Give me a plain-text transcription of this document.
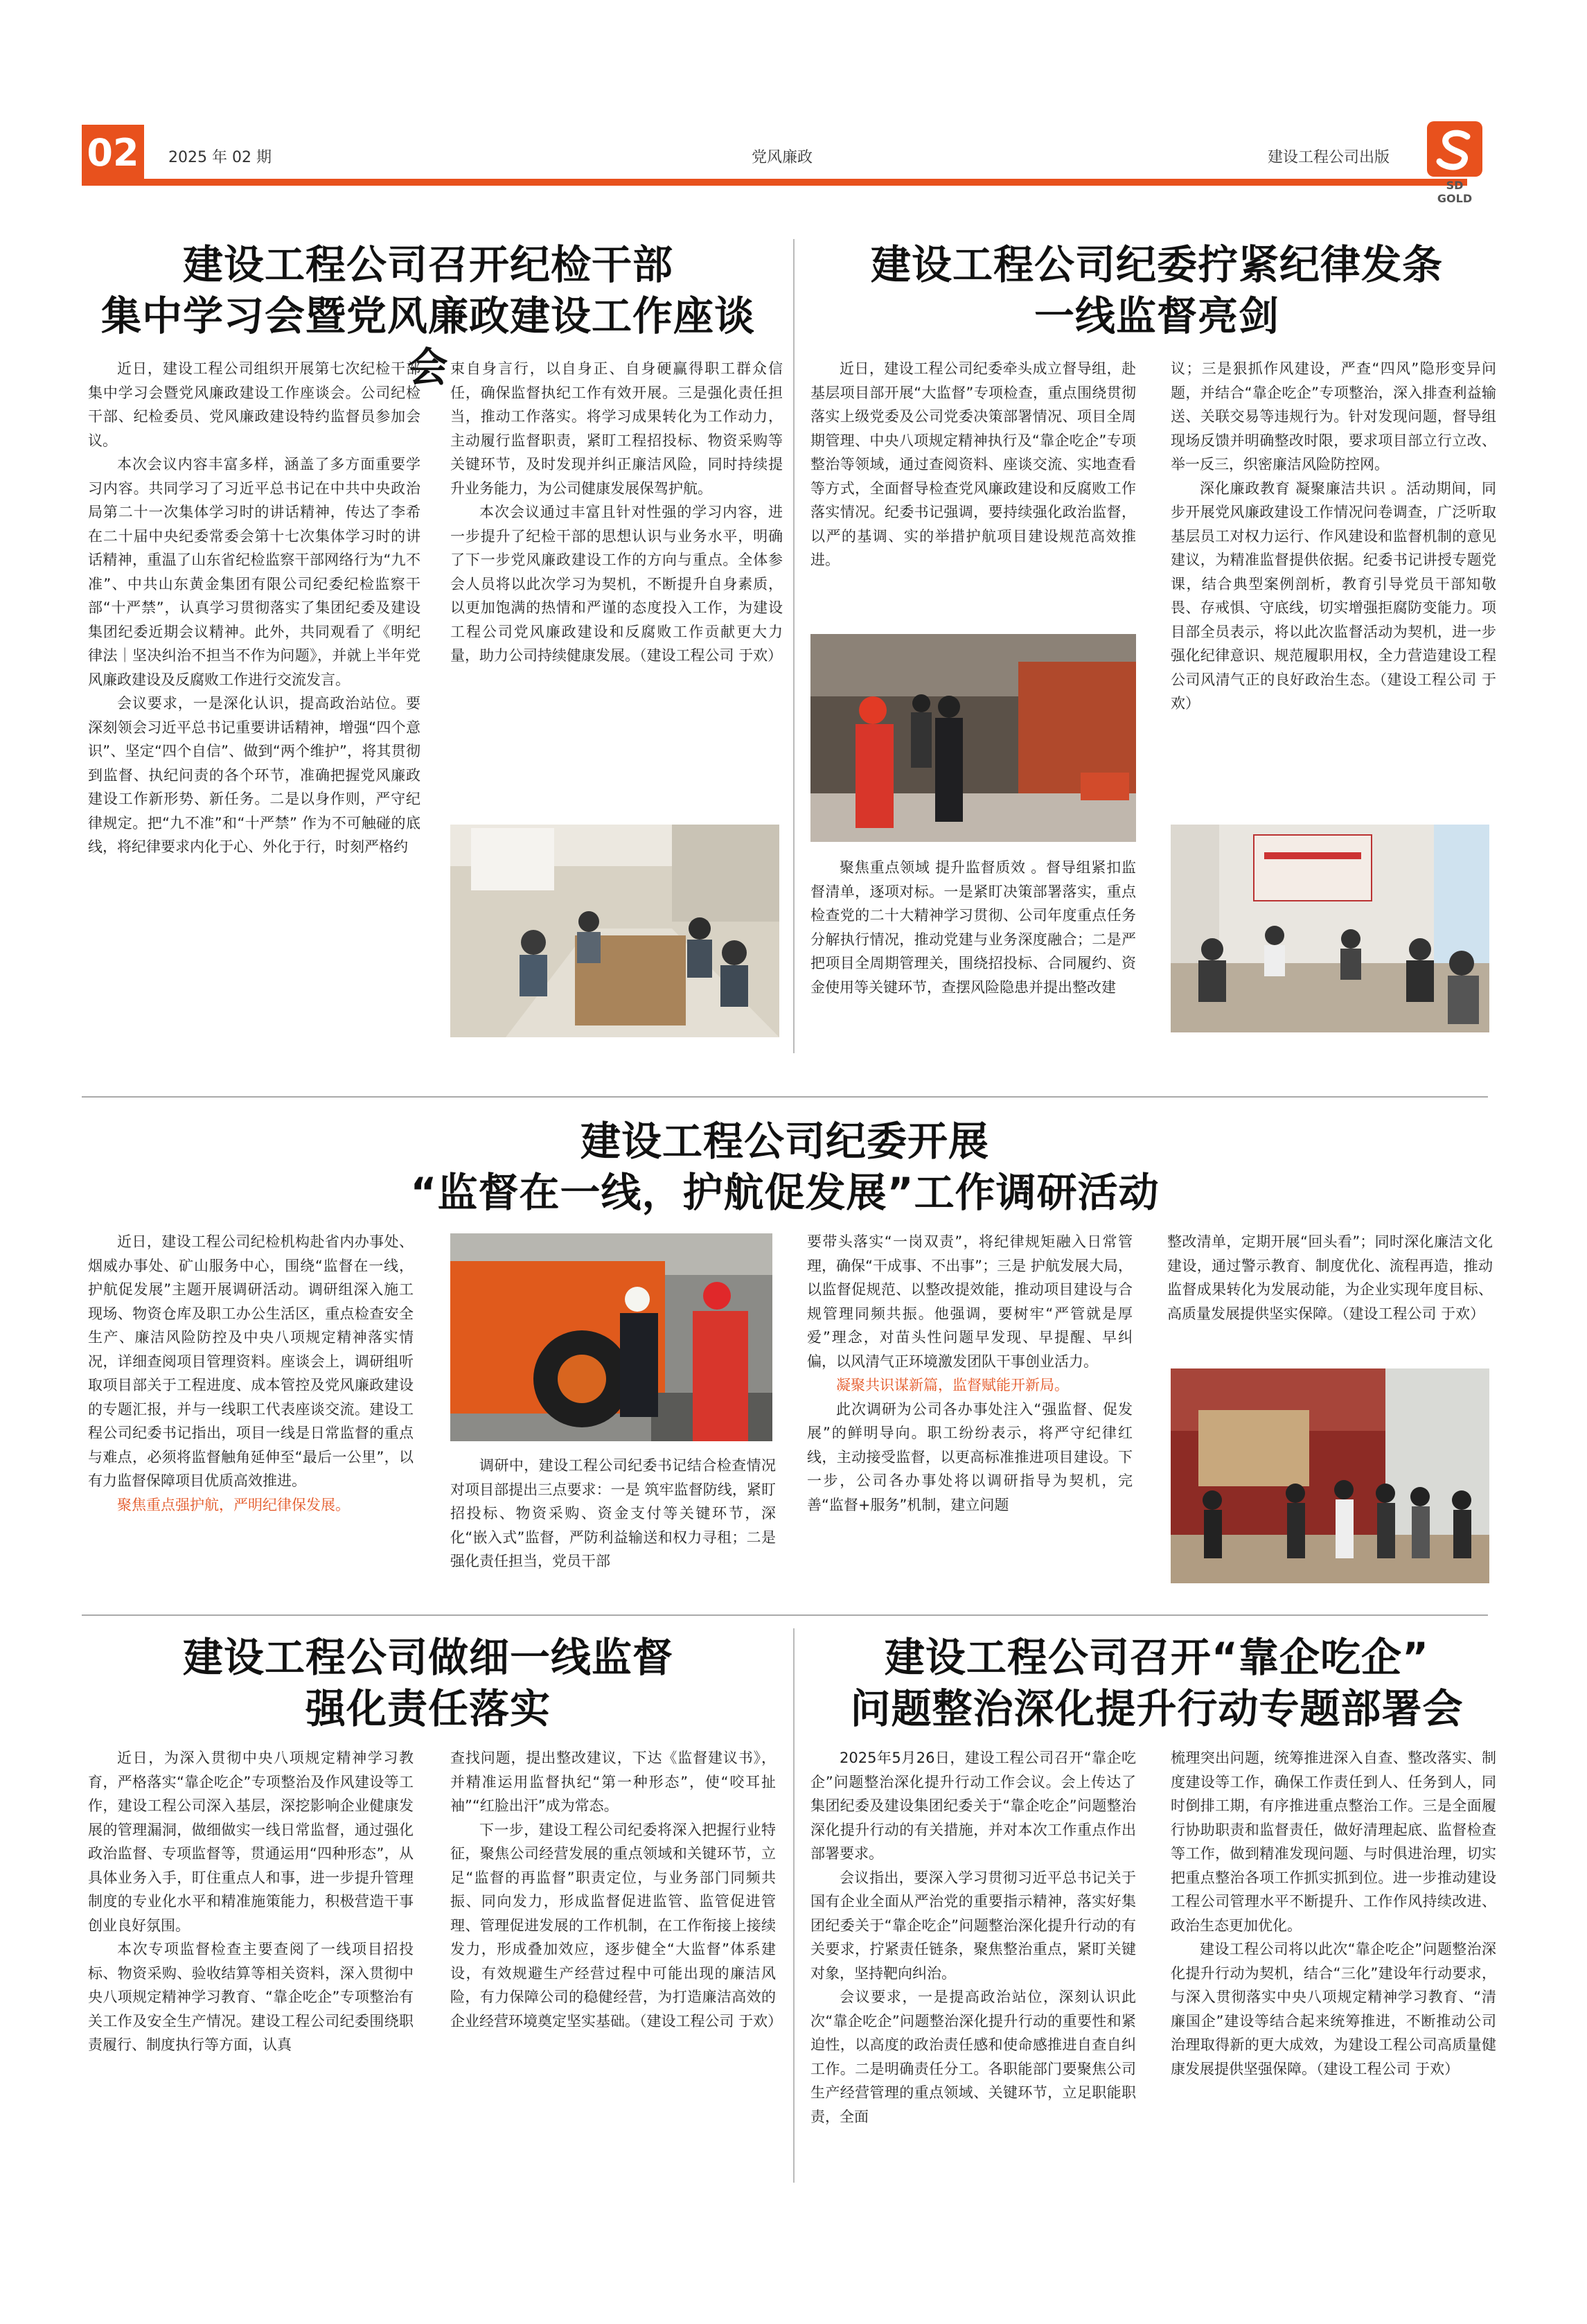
02	2025 年 02 期	党风廉政	建设工程公司出版
SD GOLD
建设工程公司召开纪检干部
集中学习会暨党风廉政建设工作座谈会

近日，建设工程公司组织开展第七次纪检干部集中学习会暨党风廉政建设工作座谈会。公司纪检干部、纪检委员、党风廉政建设特约监督员参加会议。

本次会议内容丰富多样，涵盖了多方面重要学习内容。共同学习了习近平总书记在中共中央政治局第二十一次集体学习时的讲话精神，传达了李希在二十届中央纪委常委会第十七次集体学习时的讲话精神，重温了山东省纪检监察干部网络行为“九不准”、中共山东黄金集团有限公司纪委纪检监察干部“十严禁”，认真学习贯彻落实了集团纪委及建设集团纪委近期会议精神。此外，共同观看了《明纪律法｜坚决纠治不担当不作为问题》，并就上半年党风廉政建设及反腐败工作进行交流发言。

会议要求，一是深化认识，提高政治站位。要深刻领会习近平总书记重要讲话精神，增强“四个意识”、坚定“四个自信”、做到“两个维护”，将其贯彻到监督、执纪问责的各个环节，准确把握党风廉政建设工作新形势、新任务。二是以身作则，严守纪律规定。把“九不准”和“十严禁” 作为不可触碰的底线，将纪律要求内化于心、外化于行，时刻严格约

束自身言行，以自身正、自身硬赢得职工群众信任，确保监督执纪工作有效开展。三是强化责任担当，推动工作落实。将学习成果转化为工作动力，主动履行监督职责，紧盯工程招投标、物资采购等关键环节，及时发现并纠正廉洁风险，同时持续提升业务能力，为公司健康发展保驾护航。

本次会议通过丰富且针对性强的学习内容，进一步提升了纪检干部的思想认识与业务水平，明确了下一步党风廉政建设工作的方向与重点。全体参会人员将以此次学习为契机，不断提升自身素质，以更加饱满的热情和严谨的态度投入工作，为建设工程公司党风廉政建设和反腐败工作贡献更大力量，助力公司持续健康发展。（建设工程公司 于欢）

建设工程公司纪委拧紧纪律发条
一线监督亮剑

近日，建设工程公司纪委牵头成立督导组，赴基层项目部开展“大监督”专项检查，重点围绕贯彻落实上级党委及公司党委决策部署情况、项目全周期管理、中央八项规定精神执行及“靠企吃企”专项整治等领域，通过查阅资料、座谈交流、实地查看等方式，全面督导检查党风廉政建设和反腐败工作落实情况。纪委书记强调，要持续强化政治监督，以严的基调、实的举措护航项目建设规范高效推进。

聚焦重点领域 提升监督质效 。督导组紧扣监督清单，逐项对标。一是紧盯决策部署落实，重点检查党的二十大精神学习贯彻、公司年度重点任务分解执行情况，推动党建与业务深度融合；二是严把项目全周期管理关，围绕招投标、合同履约、资金使用等关键环节，查摆风险隐患并提出整改建

议；三是狠抓作风建设，严查“四风”隐形变异问题，并结合“靠企吃企”专项整治，深入排查利益输送、关联交易等违规行为。针对发现问题，督导组现场反馈并明确整改时限，要求项目部立行立改、举一反三，织密廉洁风险防控网。

深化廉政教育 凝聚廉洁共识 。活动期间，同步开展党风廉政建设工作情况问卷调查，广泛听取基层员工对权力运行、作风建设和监督机制的意见建议，为精准监督提供依据。纪委书记讲授专题党课，结合典型案例剖析，教育引导党员干部知敬畏、存戒惧、守底线，切实增强拒腐防变能力。项目部全员表示，将以此次监督活动为契机，进一步强化纪律意识、规范履职用权，全力营造建设工程公司风清气正的良好政治生态。（建设工程公司 于欢）

建设工程公司纪委开展
“监督在一线，护航促发展”工作调研活动

近日，建设工程公司纪检机构赴省内办事处、烟威办事处、矿山服务中心，围绕“监督在一线，护航促发展”主题开展调研活动。调研组深入施工现场、物资仓库及职工办公生活区，重点检查安全生产、廉洁风险防控及中央八项规定精神落实情况，详细查阅项目管理资料。座谈会上，调研组听取项目部关于工程进度、成本管控及党风廉政建设的专题汇报，并与一线职工代表座谈交流。建设工程公司纪委书记指出，项目一线是日常监督的重点与难点，必须将监督触角延伸至“最后一公里”，以有力监督保障项目优质高效推进。

聚焦重点强护航，严明纪律保发展。

调研中，建设工程公司纪委书记结合检查情况对项目部提出三点要求：一是 筑牢监督防线，紧盯招投标、物资采购、资金支付等关键环节，深化“嵌入式”监督，严防利益输送和权力寻租；二是 强化责任担当，党员干部

要带头落实“一岗双责”，将纪律规矩融入日常管理，确保“干成事、不出事”；三是 护航发展大局，以监督促规范、以整改提效能，推动项目建设与合规管理同频共振。他强调，要树牢“严管就是厚爱”理念，对苗头性问题早发现、早提醒、早纠偏，以风清气正环境激发团队干事创业活力。

凝聚共识谋新篇，监督赋能开新局。

此次调研为公司各办事处注入“强监督、促发展”的鲜明导向。职工纷纷表示，将严守纪律红线，主动接受监督，以更高标准推进项目建设。下一步，公司各办事处将以调研指导为契机，完善“监督+服务”机制，建立问题

整改清单，定期开展“回头看”；同时深化廉洁文化建设，通过警示教育、制度优化、流程再造，推动监督成果转化为发展动能，为企业实现年度目标、高质量发展提供坚实保障。（建设工程公司 于欢）

建设工程公司做细一线监督
强化责任落实

近日，为深入贯彻中央八项规定精神学习教育，严格落实“靠企吃企”专项整治及作风建设等工作，建设工程公司深入基层，深挖影响企业健康发展的管理漏洞，做细做实一线日常监督，通过强化政治监督、专项监督等，贯通运用“四种形态”，从具体业务入手，盯住重点人和事，进一步提升管理制度的专业化水平和精准施策能力，积极营造干事创业良好氛围。

本次专项监督检查主要查阅了一线项目招投标、物资采购、验收结算等相关资料，深入贯彻中央八项规定精神学习教育、“靠企吃企”专项整治有关工作及安全生产情况。建设工程公司纪委围绕职责履行、制度执行等方面，认真

查找问题，提出整改建议，下达《监督建议书》，并精准运用监督执纪“第一种形态”，使“咬耳扯袖”“红脸出汗”成为常态。

下一步，建设工程公司纪委将深入把握行业特征，聚焦公司经营发展的重点领域和关键环节，立足“监督的再监督”职责定位，与业务部门同频共振、同向发力，形成监督促进监管、监管促进管理、管理促进发展的工作机制，在工作衔接上接续发力，形成叠加效应，逐步健全“大监督”体系建设，有效规避生产经营过程中可能出现的廉洁风险，有力保障公司的稳健经营，为打造廉洁高效的企业经营环境奠定坚实基础。（建设工程公司 于欢）

建设工程公司召开“靠企吃企”
问题整治深化提升行动专题部署会

2025年5月26日，建设工程公司召开“靠企吃企”问题整治深化提升行动工作会议。会上传达了集团纪委及建设集团纪委关于“靠企吃企”问题整治深化提升行动的有关措施，并对本次工作重点作出部署要求。

会议指出，要深入学习贯彻习近平总书记关于国有企业全面从严治党的重要指示精神，落实好集团纪委关于“靠企吃企”问题整治深化提升行动的有关要求，拧紧责任链条，聚焦整治重点，紧盯关键对象，坚持靶向纠治。

会议要求，一是提高政治站位，深刻认识此次“靠企吃企”问题整治深化提升行动的重要性和紧迫性，以高度的政治责任感和使命感推进自查自纠工作。二是明确责任分工。各职能部门要聚焦公司生产经营管理的重点领域、关键环节，立足职能职责，全面

梳理突出问题，统筹推进深入自查、整改落实、制度建设等工作，确保工作责任到人、任务到人，同时倒排工期，有序推进重点整治工作。三是全面履行协助职责和监督责任，做好清理起底、监督检查等工作，做到精准发现问题、与时俱进治理，切实把重点整治各项工作抓实抓到位。进一步推动建设工程公司管理水平不断提升、工作作风持续改进、政治生态更加优化。

建设工程公司将以此次“靠企吃企”问题整治深化提升行动为契机，结合“三化”建设年行动要求，与深入贯彻落实中央八项规定精神学习教育、“清廉国企”建设等结合起来统筹推进，不断推动公司治理取得新的更大成效，为建设工程公司高质量健康发展提供坚强保障。（建设工程公司 于欢）
